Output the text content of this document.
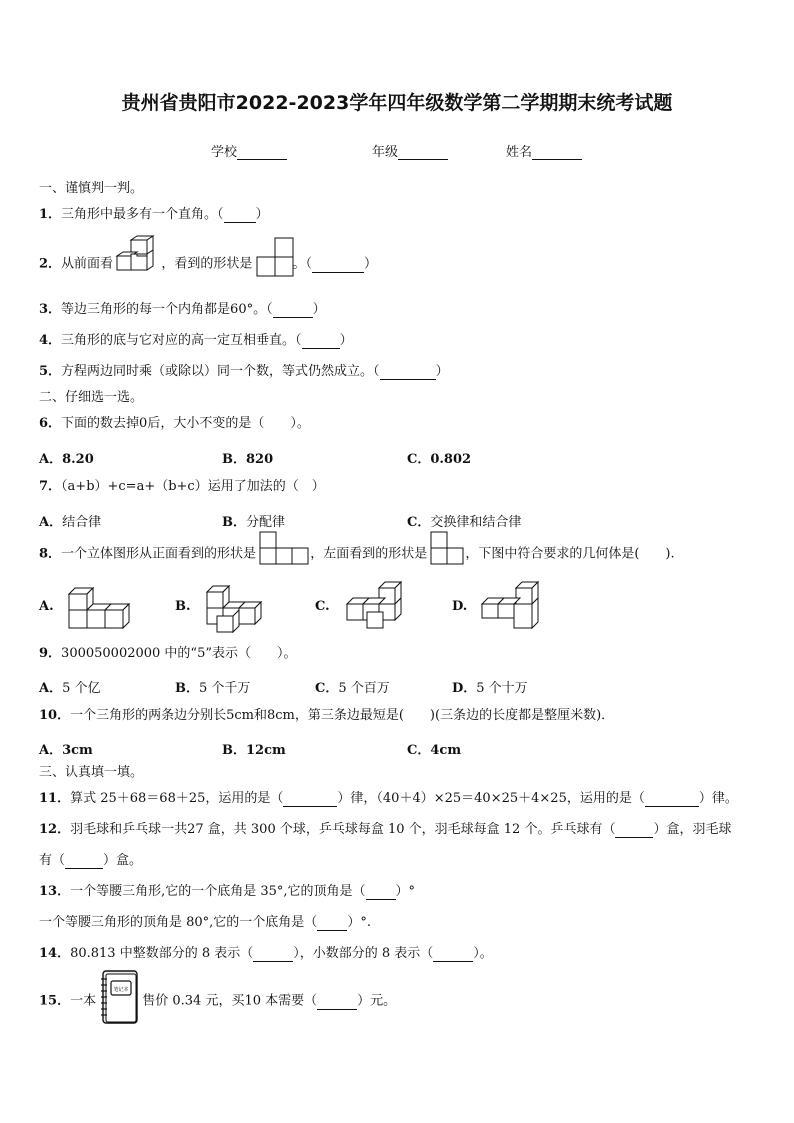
贵州省贵阳市2022-2023学年四年级数学第二学期期末统考试题
学校	年级	姓名
一、谨慎判一判。
1．三角形中最多有一个直角。（ ）
2．从前面看	，看到的形状是	。（	）
3．等边三角形的每一个内角都是60°。（	）
4．三角形的底与它对应的高一定互相垂直。（	）
5．方程两边同时乘（或除以）同一个数，等式仍然成立。（	）
二、仔细选一选。
6．下面的数去掉0后，大小不变的是（　　）。
A．8.20	B．820	C．0.802
7．（a+b）+c=a+（b+c）运用了加法的（　）
A．结合律	B．分配律	C．交换律和结合律
8．一个立体图形从正面看到的形状是	，左面看到的形状是	，下图中符合要求的几何体是(　　).
A.	B.	C.	D.
9．300050002000 中的“5”表示（　　）。
A．5 个亿	B．5 个千万	C．5 个百万	D．5 个十万
10．一个三角形的两条边分别长5cm和8cm，第三条边最短是(　　)(三条边的长度都是整厘米数)．
A．3cm	B．12cm	C．4cm
三、认真填一填。
11．算式 25＋68＝68＋25，运用的是（	）律，（40＋4）×25＝40×25＋4×25，运用的是（	）律。
12．羽毛球和乒乓球一共27 盒，共 300 个球，乒乓球每盒 10 个，羽毛球每盒 12 个。乒乓球有（	）盒，羽毛球
有（	）盒。
13．一个等腰三角形,它的一个底角是 35°,它的顶角是（ ）°
一个等腰三角形的顶角是 80°,它的一个底角是（ ）°.
14．80.813 中整数部分的 8 表示（	），小数部分的 8 表示（	）。
15．一本
笔记本
售价 0.34 元，买10 本需要（	）元。
